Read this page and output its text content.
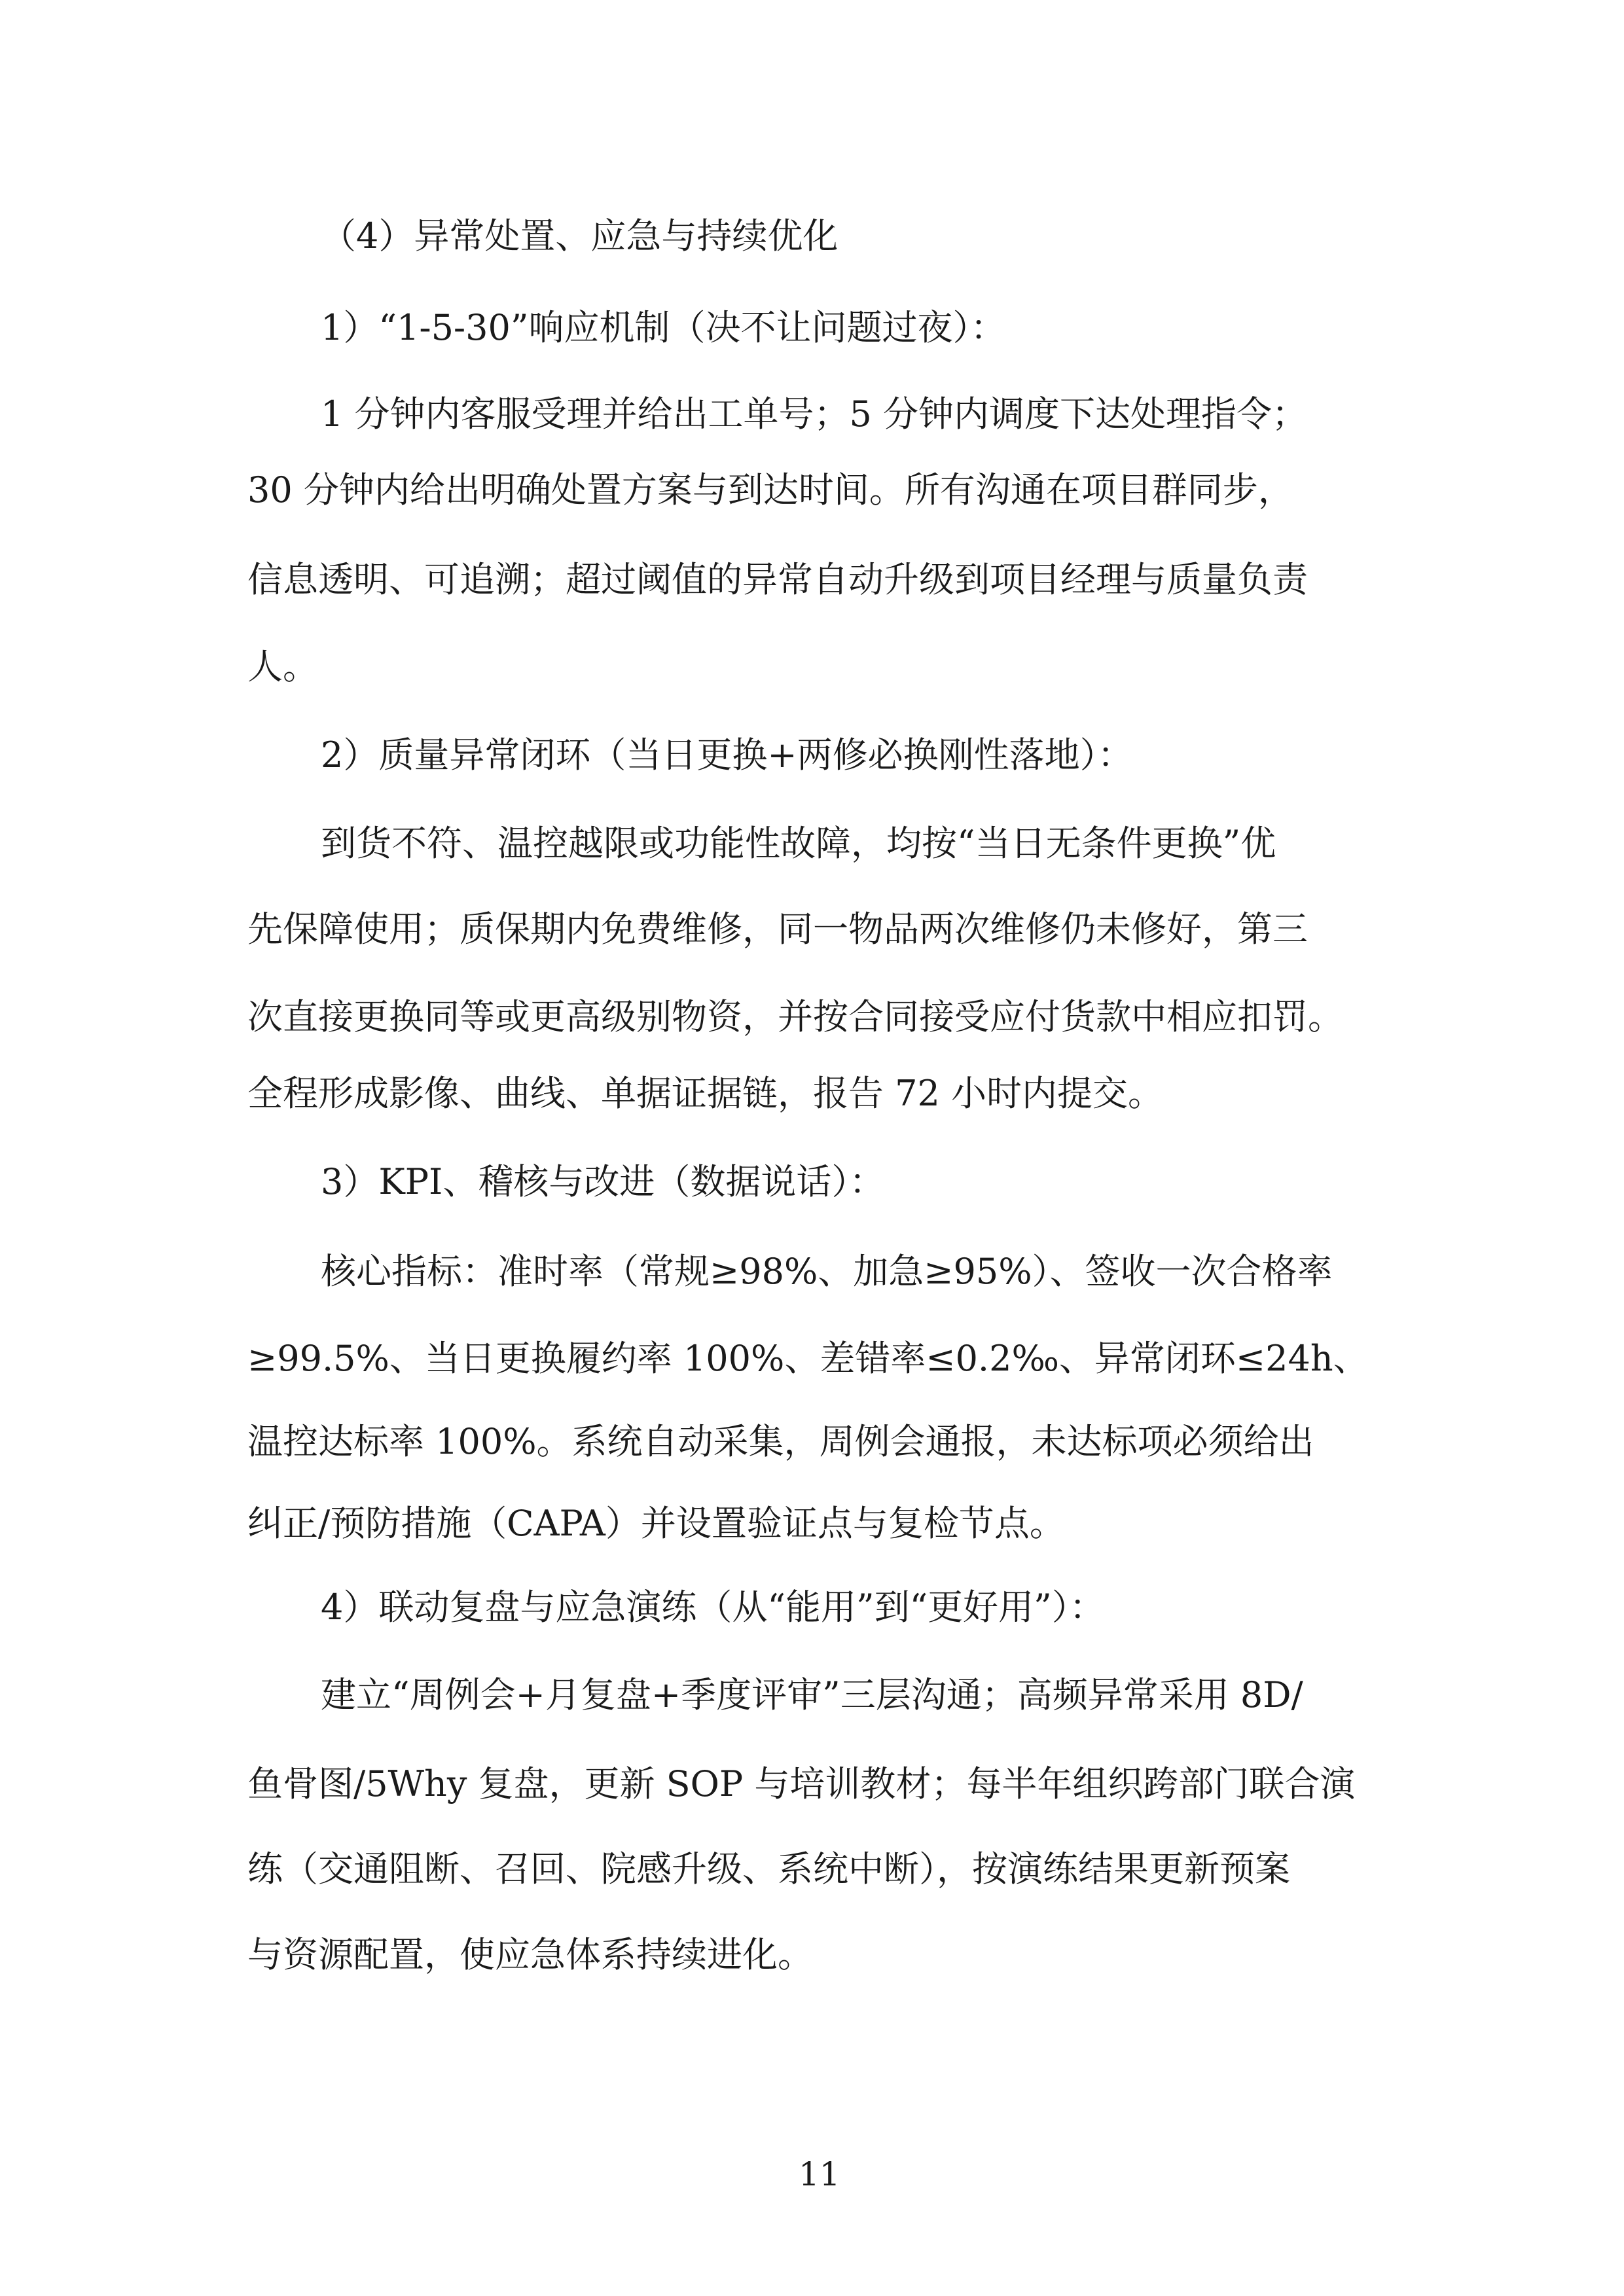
（4）异常处置、应急与持续优化

1）“1-5-30”响应机制（决不让问题过夜）：

1 分钟内客服受理并给出工单号；5 分钟内调度下达处理指令；

30 分钟内给出明确处置方案与到达时间。所有沟通在项目群同步，

信息透明、可追溯；超过阈值的异常自动升级到项目经理与质量负责

人。

2）质量异常闭环（当日更换+两修必换刚性落地）：

到货不符、温控越限或功能性故障，均按“当日无条件更换”优

先保障使用；质保期内免费维修，同一物品两次维修仍未修好，第三

次直接更换同等或更高级别物资，并按合同接受应付货款中相应扣罚。

全程形成影像、曲线、单据证据链，报告 72 小时内提交。

3）KPI、稽核与改进（数据说话）：

核心指标：准时率（常规≥98%、加急≥95%）、签收一次合格率

≥99.5%、当日更换履约率 100%、差错率≤0.2‰、异常闭环≤24h、

温控达标率 100%。系统自动采集，周例会通报，未达标项必须给出

纠正/预防措施（CAPA）并设置验证点与复检节点。

4）联动复盘与应急演练（从“能用”到“更好用”）：

建立“周例会+月复盘+季度评审”三层沟通；高频异常采用 8D/

鱼骨图/5Why 复盘，更新 SOP 与培训教材；每半年组织跨部门联合演

练（交通阻断、召回、院感升级、系统中断），按演练结果更新预案

与资源配置，使应急体系持续进化。

11
